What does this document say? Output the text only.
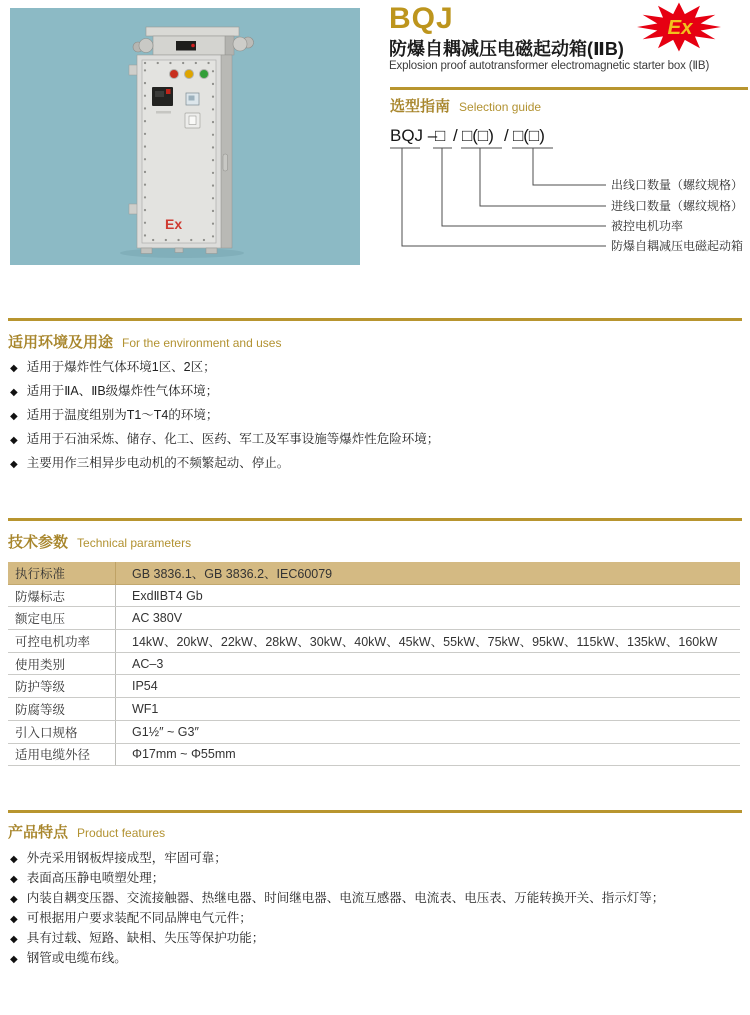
Ex
BQJ
防爆自耦减压电磁起动箱(ⅡB)
Explosion proof autotransformer electromagnetic starter box (ⅡB)
Ex
选型指南 Selection guide
BQJ – □ / □(□) / □(□)
出线口数量（螺纹规格）
进线口数量（螺纹规格）
被控电机功率
防爆自耦减压电磁起动箱
适用环境及用途 For the environment and uses
◆ 适用于爆炸性气体环境1区、2区；
◆ 适用于ⅡA、ⅡB级爆炸性气体环境；
◆ 适用于温度组别为T1～T4的环境；
◆ 适用于石油采炼、储存、化工、医药、军工及军事设施等爆炸性危险环境；
◆ 主要用作三相异步电动机的不频繁起动、停止。
技术参数 Technical parameters
执行标准	GB 3836.1、GB 3836.2、IEC60079
防爆标志	ExdⅡBT4 Gb
额定电压	AC 380V
可控电机功率	14kW、20kW、22kW、28kW、30kW、40kW、45kW、55kW、75kW、95kW、115kW、135kW、160kW
使用类别	AC–3
防护等级	IP54
防腐等级	WF1
引入口规格	G1½″ ~ G3″
适用电缆外径	Φ17mm ~ Φ55mm
产品特点 Product features
◆ 外壳采用钢板焊接成型，牢固可靠；
◆ 表面高压静电喷塑处理；
◆ 内装自耦变压器、交流接触器、热继电器、时间继电器、电流互感器、电流表、电压表、万能转换开关、指示灯等；
◆ 可根据用户要求装配不同品牌电气元件；
◆ 具有过载、短路、缺相、失压等保护功能；
◆ 钢管或电缆布线。
